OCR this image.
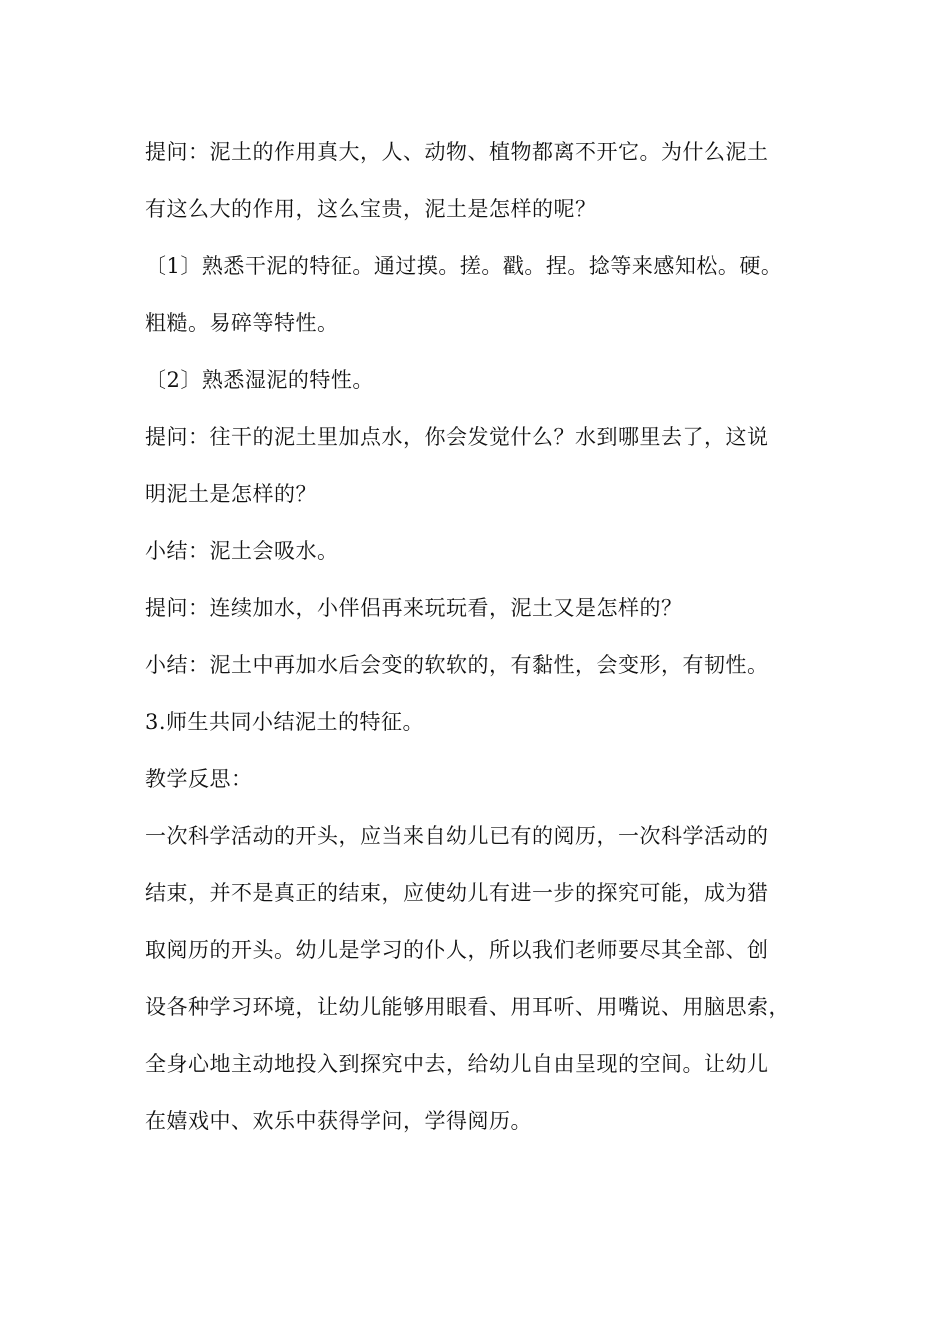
提问：泥土的作用真大，人、动物、植物都离不开它。为什么泥土
有这么大的作用，这么宝贵，泥土是怎样的呢？
〔1〕熟悉干泥的特征。通过摸。搓。戳。捏。捻等来感知松。硬。
粗糙。易碎等特性。
〔2〕熟悉湿泥的特性。
提问：往干的泥土里加点水，你会发觉什么？水到哪里去了，这说
明泥土是怎样的？
小结：泥土会吸水。
提问：连续加水，小伴侣再来玩玩看，泥土又是怎样的？
小结：泥土中再加水后会变的软软的，有黏性，会变形，有韧性。
3.师生共同小结泥土的特征。
教学反思：
一次科学活动的开头，应当来自幼儿已有的阅历，一次科学活动的
结束，并不是真正的结束，应使幼儿有进一步的探究可能，成为猎
取阅历的开头。幼儿是学习的仆人，所以我们老师要尽其全部、创
设各种学习环境，让幼儿能够用眼看、用耳听、用嘴说、用脑思索，
全身心地主动地投入到探究中去，给幼儿自由呈现的空间。让幼儿
在嬉戏中、欢乐中获得学问，学得阅历。
